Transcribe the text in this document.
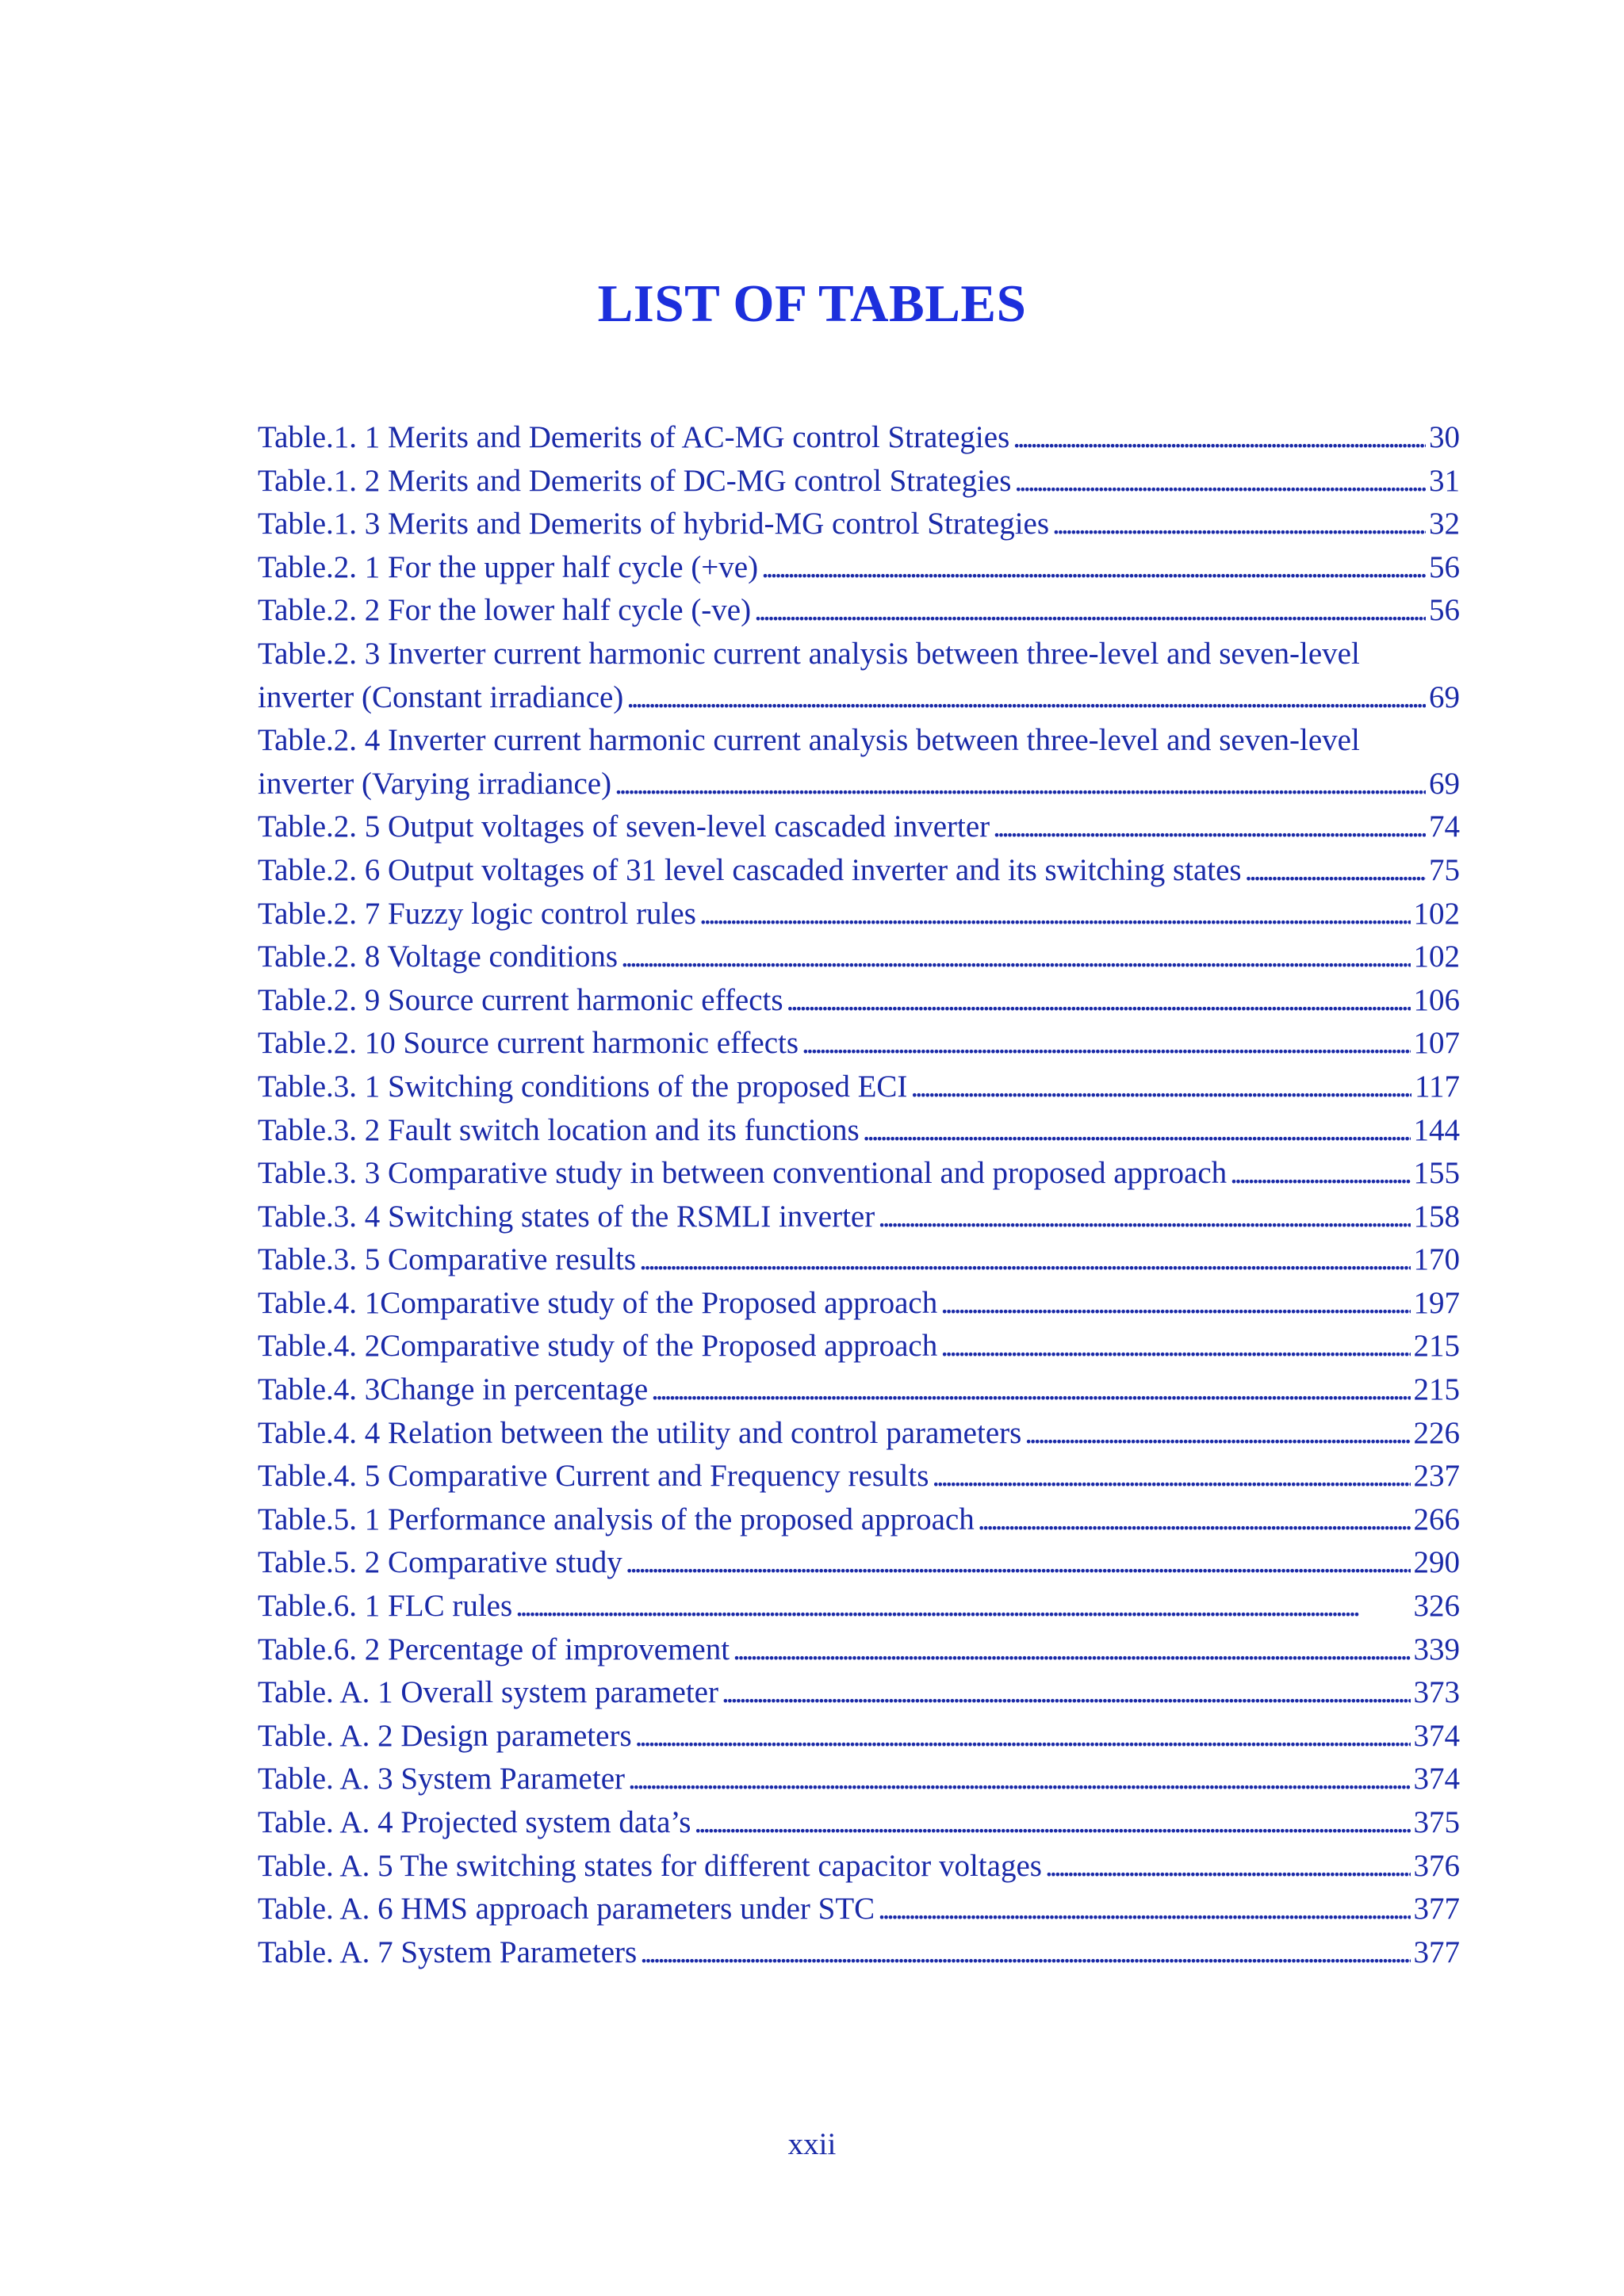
LIST OF TABLES
Table.1. 1 Merits and Demerits of AC-MG control Strategies . . .	30
Table.1. 2 Merits and Demerits of DC-MG control Strategies . . .	31
Table.1. 3 Merits and Demerits of hybrid-MG control Strategies . . .	32
Table.2. 1 For the upper half cycle (+ve) . . .	56
Table.2. 2 For the lower half cycle (-ve) . . .	56
Table.2. 3 Inverter current harmonic current analysis between three-level and seven-level
inverter (Constant irradiance) . . .	69
Table.2. 4 Inverter current harmonic current analysis between three-level and seven-level
inverter (Varying irradiance) . . .	69
Table.2. 5 Output voltages of seven-level cascaded inverter . . .	74
Table.2. 6 Output voltages of 31 level cascaded inverter and its switching states . . .	75
Table.2. 7 Fuzzy logic control rules . . .	102
Table.2. 8 Voltage conditions . . .	102
Table.2. 9 Source current harmonic effects . . .	106
Table.2. 10 Source current harmonic effects . . .	107
Table.3. 1 Switching conditions of the proposed ECI . . .	117
Table.3. 2 Fault switch location and its functions . . .	144
Table.3. 3 Comparative study in between conventional and proposed approach . . .	155
Table.3. 4 Switching states of the RSMLI inverter . . .	158
Table.3. 5 Comparative results . . .	170
Table.4. 1Comparative study of the Proposed approach . . .	197
Table.4. 2Comparative study of the Proposed approach . . .	215
Table.4. 3Change in percentage . . .	215
Table.4. 4 Relation between the utility and control parameters . . .	226
Table.4. 5 Comparative Current and Frequency results . . .	237
Table.5. 1 Performance analysis of the proposed approach . . .	266
Table.5. 2 Comparative study . . .	290
Table.6. 1 FLC rules . . .	326
Table.6. 2 Percentage of improvement . . .	339
Table. A. 1 Overall system parameter . . .	373
Table. A. 2 Design parameters . . .	374
Table. A. 3 System Parameter . . .	374
Table. A. 4 Projected system data’s . . .	375
Table. A. 5 The switching states for different capacitor voltages . . .	376
Table. A. 6 HMS approach parameters under STC . . .	377
Table. A. 7 System Parameters . . .	377
xxii
